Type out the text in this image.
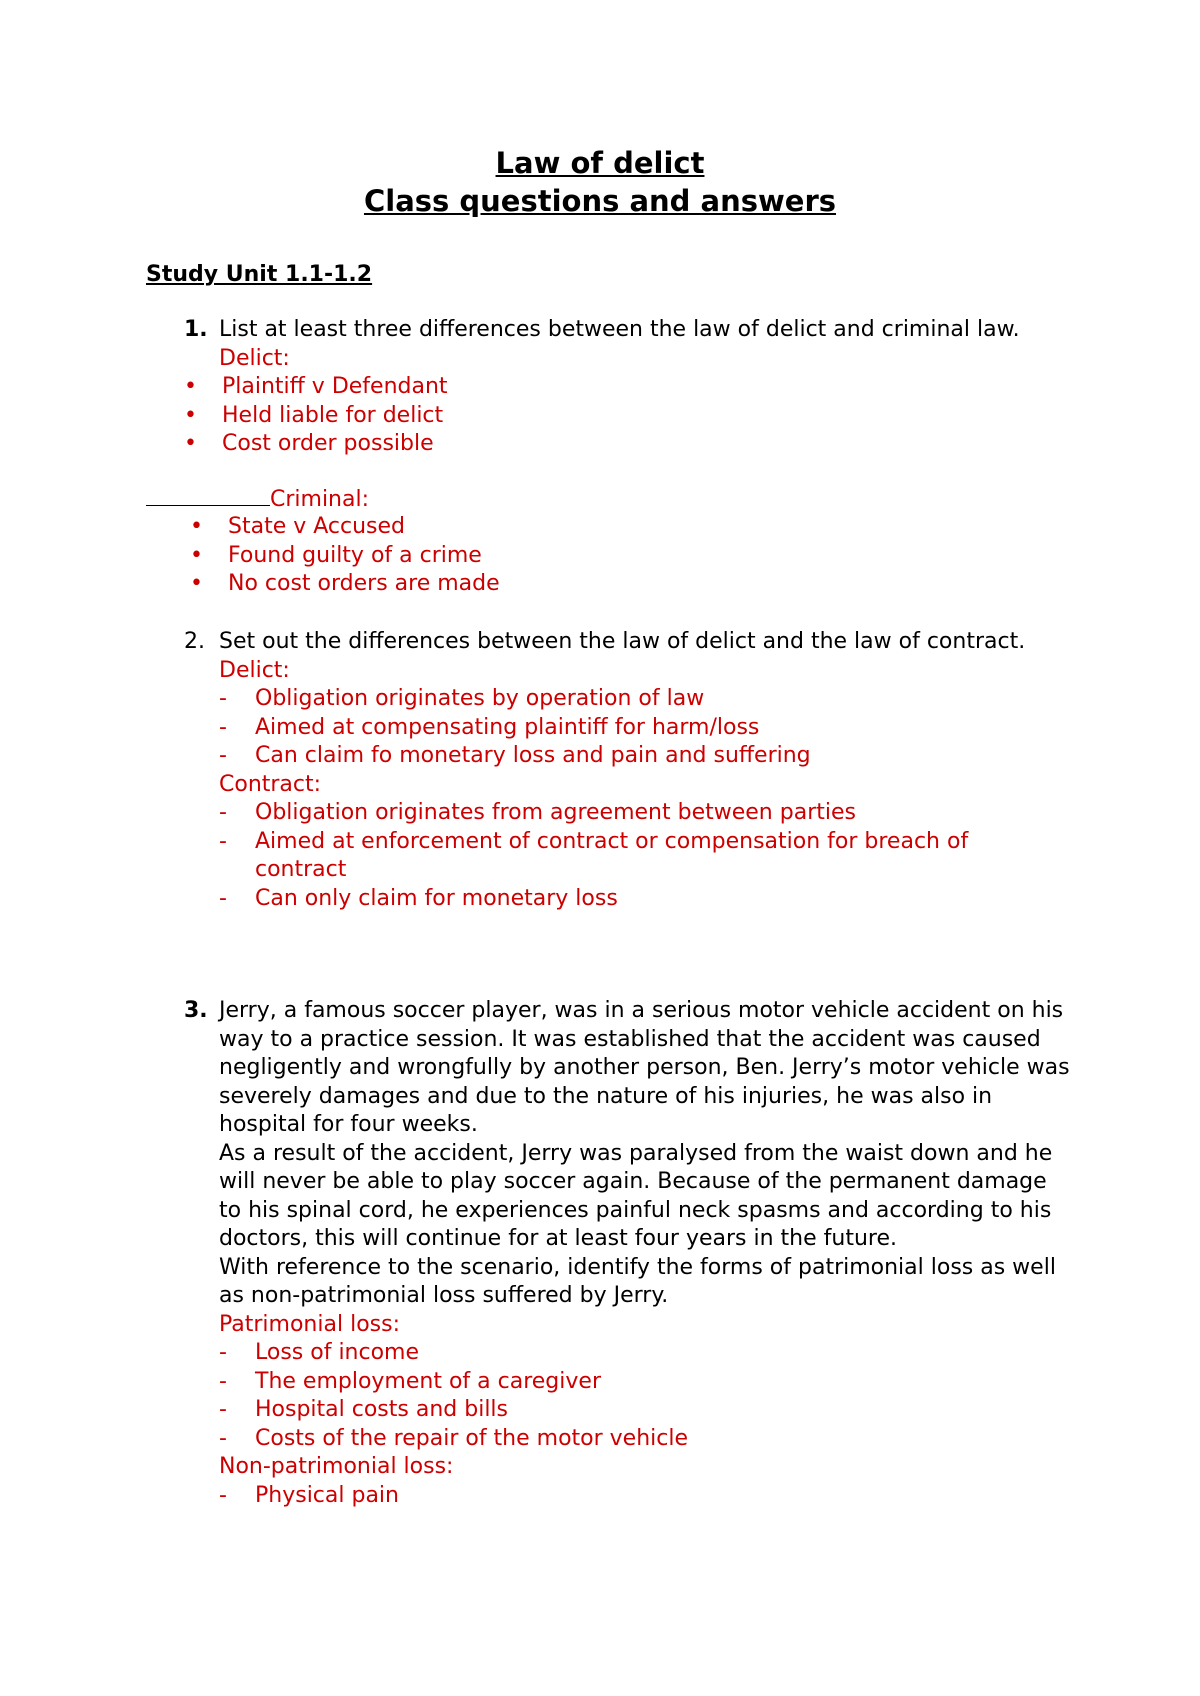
Law of delict
Class questions and answers
Study Unit 1.1-1.2
1. List at least three differences between the law of delict and criminal law.
Delict:
• Plaintiff v Defendant
• Held liable for delict
• Cost order possible
Criminal:
• State v Accused
• Found guilty of a crime
• No cost orders are made
2. Set out the differences between the law of delict and the law of contract.
Delict:
- Obligation originates by operation of law
- Aimed at compensating plaintiff for harm/loss
- Can claim fo monetary loss and pain and suffering
Contract:
- Obligation originates from agreement between parties
- Aimed at enforcement of contract or compensation for breach of contract
- Can only claim for monetary loss
3. Jerry, a famous soccer player, was in a serious motor vehicle accident on his way to a practice session. It was established that the accident was caused negligently and wrongfully by another person, Ben. Jerry’s motor vehicle was severely damages and due to the nature of his injuries, he was also in hospital for four weeks.
As a result of the accident, Jerry was paralysed from the waist down and he will never be able to play soccer again. Because of the permanent damage to his spinal cord, he experiences painful neck spasms and according to his doctors, this will continue for at least four years in the future.
With reference to the scenario, identify the forms of patrimonial loss as well as non-patrimonial loss suffered by Jerry.
Patrimonial loss:
- Loss of income
- The employment of a caregiver
- Hospital costs and bills
- Costs of the repair of the motor vehicle
Non-patrimonial loss:
- Physical pain
